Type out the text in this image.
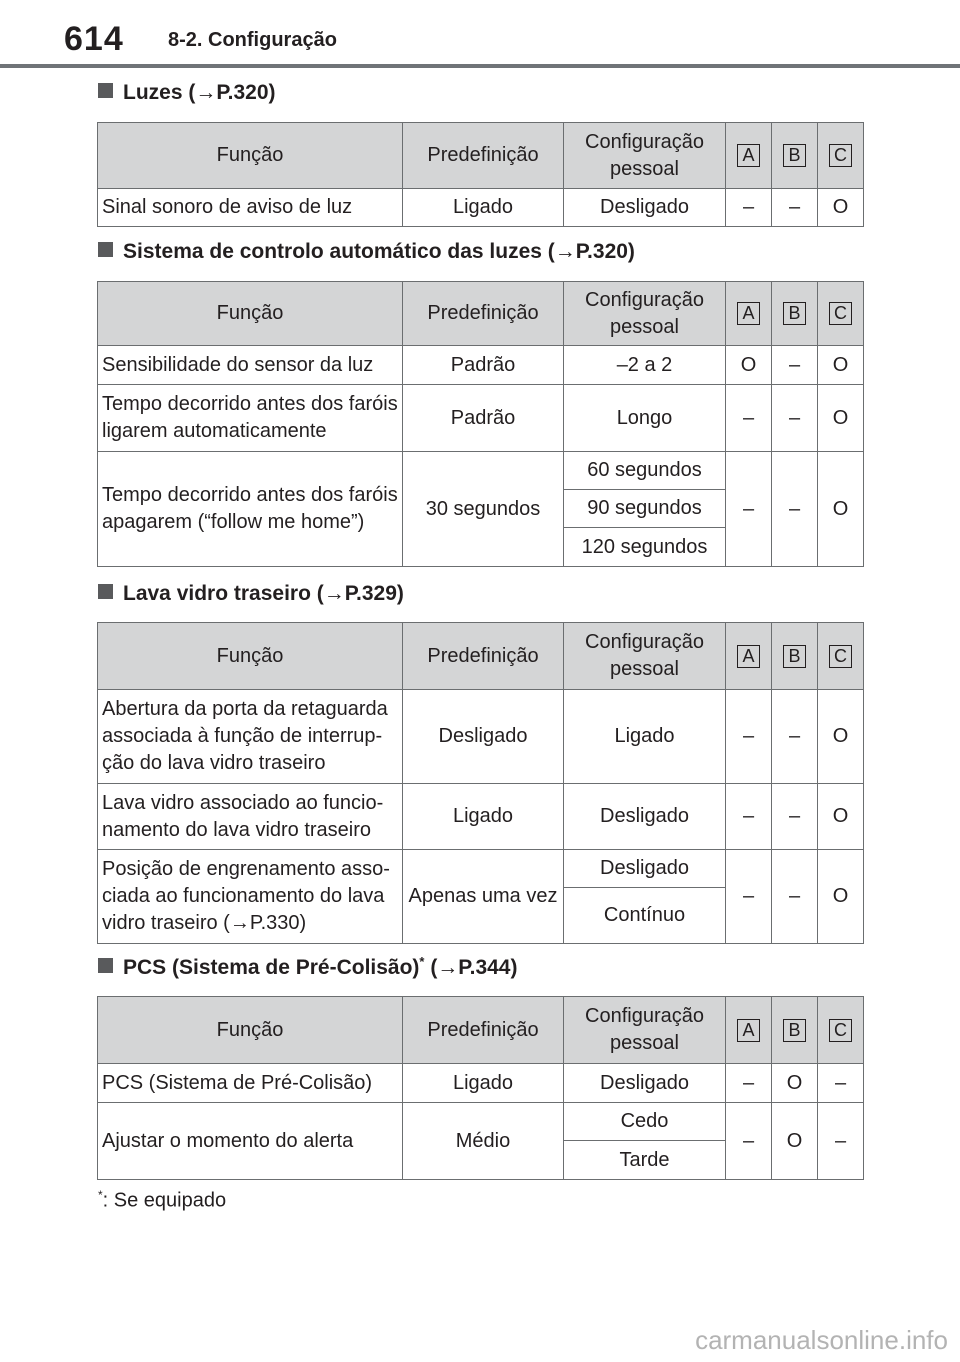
614 8-2. Configuração
Luzes (→P.320)
Função	Predefinição	Configuração pessoal	A	B	C
Sinal sonoro de aviso de luz	Ligado	Desligado	–	–	O
Sistema de controlo automático das luzes (→P.320)
Função	Predefinição	Configuração pessoal	A	B	C
Sensibilidade do sensor da luz	Padrão	–2 a 2	O	–	O
Tempo decorrido antes dos faróis ligarem automaticamente	Padrão	Longo	–	–	O
Tempo decorrido antes dos faróis apagarem (“follow me home”)	30 segundos	60 segundos	–	–	O
		90 segundos			
		120 segundos			
Lava vidro traseiro (→P.329)
Função	Predefinição	Configuração pessoal	A	B	C
Abertura da porta da retaguarda associada à função de interrup-ção do lava vidro traseiro	Desligado	Ligado	–	–	O
Lava vidro associado ao funcio-namento do lava vidro traseiro	Ligado	Desligado	–	–	O
Posição de engrenamento asso-ciada ao funcionamento do lava vidro traseiro (→P.330)	Apenas uma vez	Desligado	–	–	O
		Contínuo			
PCS (Sistema de Pré-Colisão)* (→P.344)
Função	Predefinição	Configuração pessoal	A	B	C
PCS (Sistema de Pré-Colisão)	Ligado	Desligado	–	O	–
Ajustar o momento do alerta	Médio	Cedo	–	O	–
		Tarde			
*: Se equipado
carmanualsonline.info
